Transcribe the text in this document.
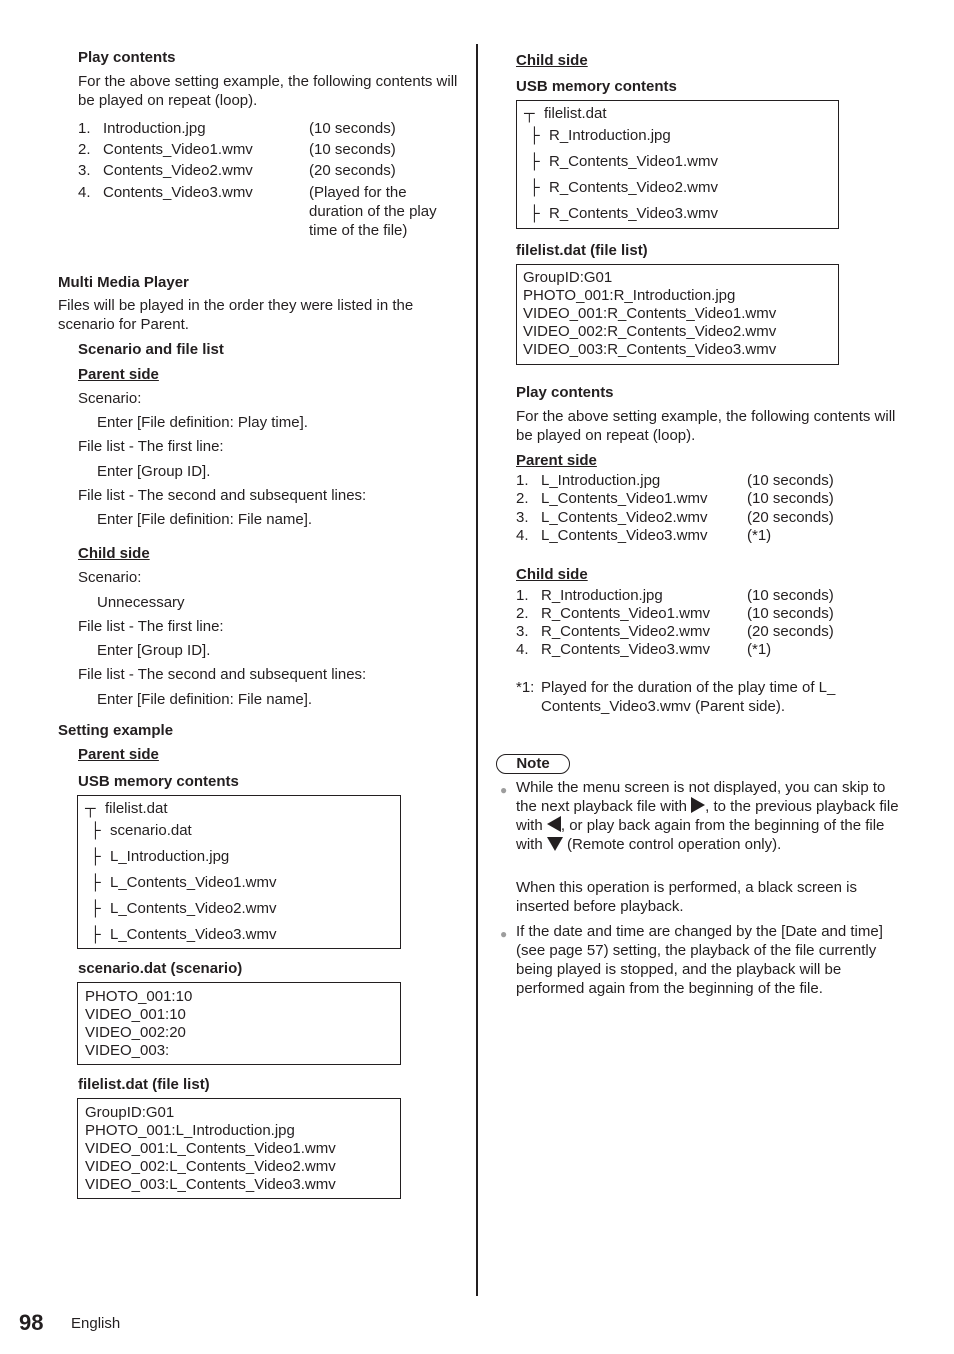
Play contents
For the above setting example, the following contents will be played on repeat (loop).
1. Introduction.jpg	(10 seconds)
2. Contents_Video1.wmv	(10 seconds)
3. Contents_Video2.wmv	(20 seconds)
4. Contents_Video3.wmv	(Played for the duration of the play time of the file)
Multi Media Player
Files will be played in the order they were listed in the scenario for Parent.
Scenario and file list
Parent side
Scenario:
Enter [File definition: Play time].
File list - The first line:
Enter [Group ID].
File list - The second and subsequent lines:
Enter [File definition: File name].
Child side
Scenario:
Unnecessary
File list - The first line:
Enter [Group ID].
File list - The second and subsequent lines:
Enter [File definition: File name].
Setting example
Parent side
USB memory contents
┬ filelist.dat
├ scenario.dat
├ L_Introduction.jpg
├ L_Contents_Video1.wmv
├ L_Contents_Video2.wmv
├ L_Contents_Video3.wmv
scenario.dat (scenario)
PHOTO_001:10
VIDEO_001:10
VIDEO_002:20
VIDEO_003:
filelist.dat (file list)
GroupID:G01
PHOTO_001:L_Introduction.jpg
VIDEO_001:L_Contents_Video1.wmv
VIDEO_002:L_Contents_Video2.wmv
VIDEO_003:L_Contents_Video3.wmv
Child side
USB memory contents
┬ filelist.dat
├ R_Introduction.jpg
├ R_Contents_Video1.wmv
├ R_Contents_Video2.wmv
├ R_Contents_Video3.wmv
filelist.dat (file list)
GroupID:G01
PHOTO_001:R_Introduction.jpg
VIDEO_001:R_Contents_Video1.wmv
VIDEO_002:R_Contents_Video2.wmv
VIDEO_003:R_Contents_Video3.wmv
Play contents
For the above setting example, the following contents will be played on repeat (loop).
Parent side
1. L_Introduction.jpg	(10 seconds)
2. L_Contents_Video1.wmv	(10 seconds)
3. L_Contents_Video2.wmv	(20 seconds)
4. L_Contents_Video3.wmv	(*1)
Child side
1. R_Introduction.jpg	(10 seconds)
2. R_Contents_Video1.wmv (10 seconds)
3. R_Contents_Video2.wmv (20 seconds)
4. R_Contents_Video3.wmv (*1)
*1: Played for the duration of the play time of L_ Contents_Video3.wmv (Parent side).
Note
● While the menu screen is not displayed, you can skip to the next playback file with , to the previous playback file with , or play back again from the beginning of the file with (Remote control operation only).
When this operation is performed, a black screen is inserted before playback.
● If the date and time are changed by the [Date and time] (see page 57) setting, the playback of the file currently being played is stopped, and the playback will be performed again from the beginning of the file.
98 English
